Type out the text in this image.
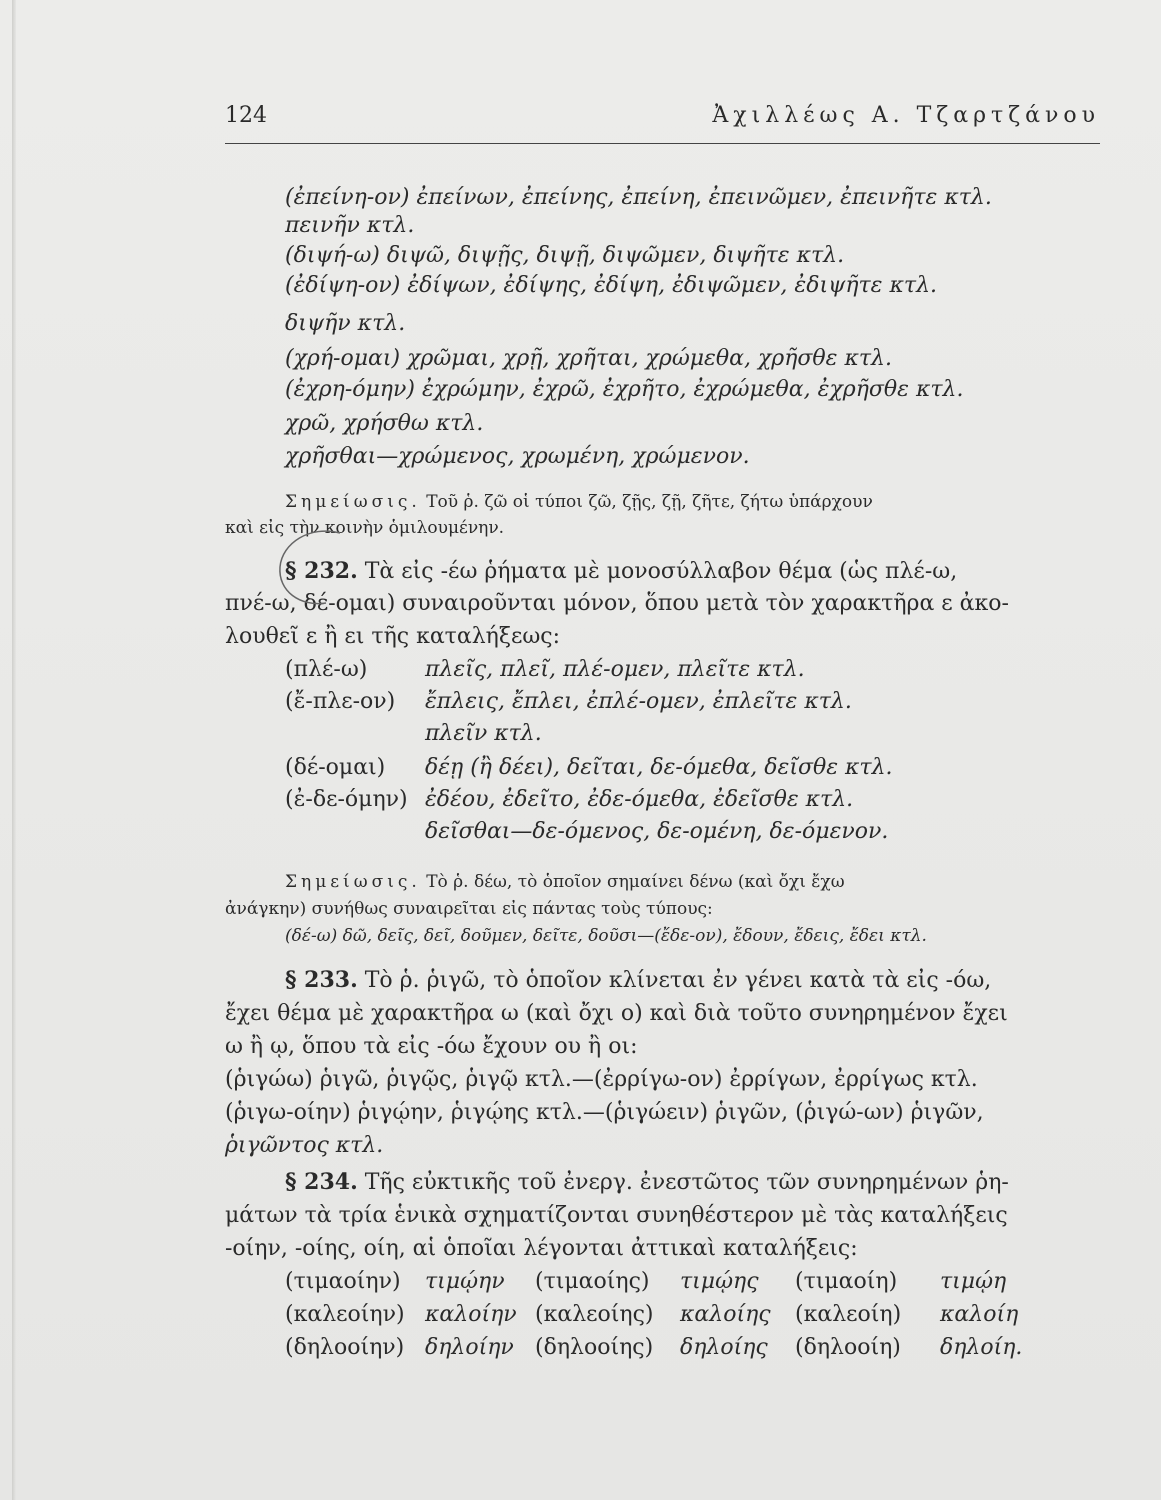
124	Ἀχιλλέως Α. Τζαρτζάνου
(ἐπείνη-ον) ἐπείνων, ἐπείνης, ἐπείνη, ἐπεινῶμεν, ἐπεινῆτε κτλ.
πεινῆν κτλ.
(διψή-ω) διψῶ, διψῇς, διψῇ, διψῶμεν, διψῆτε κτλ.
(ἐδίψη-ον) ἐδίψων, ἐδίψης, ἐδίψη, ἐδιψῶμεν, ἐδιψῆτε κτλ.
διψῆν κτλ.
(χρή-ομαι) χρῶμαι, χρῇ, χρῆται, χρώμεθα, χρῆσθε κτλ.
(ἐχρη-όμην) ἐχρώμην, ἐχρῶ, ἐχρῆτο, ἐχρώμεθα, ἐχρῆσθε κτλ.
χρῶ, χρήσθω κτλ.
χρῆσθαι—χρώμενος, χρωμένη, χρώμενον.
Σημείωσις. Τοῦ ῥ. ζῶ οἱ τύποι ζῶ, ζῇς, ζῇ, ζῆτε, ζήτω ὑπάρχουν
καὶ εἰς τὴν κοινὴν ὁμιλουμένην.
§ 232. Τὰ εἰς -έω ῥήματα μὲ μονοσύλλαβον θέμα (ὡς πλέ-ω,
πνέ-ω, δέ-ομαι) συναιροῦνται μόνον, ὅπου μετὰ τὸν χαρακτῆρα ε ἀκο-
λουθεῖ ε ἢ ει τῆς καταλήξεως:
(πλέ-ω)	πλεῖς, πλεῖ, πλέ-ομεν, πλεῖτε κτλ.
(ἔ-πλε-ον) ἔπλεις, ἔπλει, ἐπλέ-ομεν, ἐπλεῖτε κτλ.
πλεῖν κτλ.
(δέ-ομαι) δέῃ (ἢ δέει), δεῖται, δε-όμεθα, δεῖσθε κτλ.
(ἐ-δε-όμην) ἐδέου, ἐδεῖτο, ἐδε-όμεθα, ἐδεῖσθε κτλ.
δεῖσθαι—δε-όμενος, δε-ομένη, δε-όμενον.
Σημείωσις. Τὸ ῥ. δέω, τὸ ὁποῖον σημαίνει δένω (καὶ ὄχι ἔχω
ἀνάγκην) συνήθως συναιρεῖται εἰς πάντας τοὺς τύπους:
(δέ-ω) δῶ, δεῖς, δεῖ, δοῦμεν, δεῖτε, δοῦσι—(ἔδε-ον), ἔδουν, ἔδεις, ἔδει κτλ.
§ 233. Τὸ ῥ. ῥιγῶ, τὸ ὁποῖον κλίνεται ἐν γένει κατὰ τὰ εἰς -όω,
ἔχει θέμα μὲ χαρακτῆρα ω (καὶ ὄχι ο) καὶ διὰ τοῦτο συνηρημένον ἔχει
ω ἢ ῳ, ὅπου τὰ εἰς -όω ἔχουν ου ἢ οι:
(ῥιγώω) ῥιγῶ, ῥιγῷς, ῥιγῷ κτλ.—(ἐρρίγω-ον) ἐρρίγων, ἐρρίγως κτλ.
(ῥιγω-οίην) ῥιγῴην, ῥιγῴης κτλ.—(ῥιγώειν) ῥιγῶν, (ῥιγώ-ων) ῥιγῶν,
ῥιγῶντος κτλ.
§ 234. Τῆς εὐκτικῆς τοῦ ἐνεργ. ἐνεστῶτος τῶν συνηρημένων ῥη-
μάτων τὰ τρία ἑνικὰ σχηματίζονται συνηθέστερον μὲ τὰς καταλήξεις
-οίην, -οίης, οίη, αἱ ὁποῖαι λέγονται ἀττικαὶ καταλήξεις:
(τιμαοίην) τιμῴην (τιμαοίης) τιμῴης (τιμαοίη) τιμῴη
(καλεοίην) καλοίην (καλεοίης) καλοίης (καλεοίη) καλοίη
(δηλοοίην) δηλοίην (δηλοοίης) δηλοίης (δηλοοίη) δηλοίη.
